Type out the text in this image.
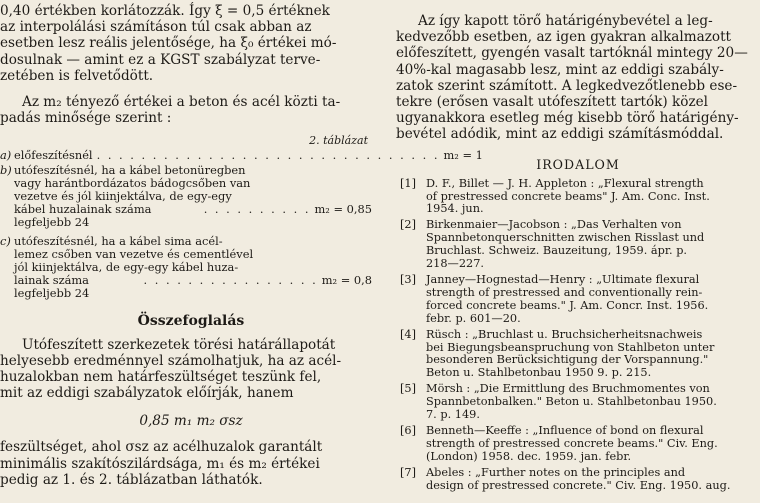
0,40 értékben korlátozzák. Így ξ = 0,5 értéknek
az interpolálási számításon túl csak abban az
esetben lesz reális jelentősége, ha ξ₀ értékei mó-
dosulnak — amint ez a KGST szabályzat terve-
zetében is felvetődött.
Az m₂ tényező értékei a beton és acél közti ta-
padás minősége szerint :
2. táblázat
a) előfeszítésnél . . . . . . . . . . . . . . . . . . . . . . . . . . . . . . . m₂ = 1
b) utófeszítésnél, ha a kábel betonüregben
vagy harántbordázatos bádogcsőben van
vezetve és jól kiinjektálva, de egy-egy
kábel huzalainak száma legfeljebb 24
. . . . . . . . . . m₂ = 0,85
c) utófeszítésnél, ha a kábel sima acél-
lemez csőben van vezetve és cementlével
jól kiinjektálva, de egy-egy kábel huza-
lainak száma legfeljebb 24
. . . . . . . . . . . . . . . . m₂ = 0,8
Összefoglalás
Utófeszített szerkezetek törési határállapotát
helyesebb eredménnyel számolhatjuk, ha az acél-
huzalokban nem határfeszültséget teszünk fel,
mit az eddigi szabályzatok előírják, hanem
0,85 m₁ m₂ σsz
feszültséget, ahol σsz az acélhuzalok garantált
minimális szakítószilárdsága, m₁ és m₂ értékei
pedig az 1. és 2. táblázatban láthatók.
Az így kapott törő határigénybevétel a leg-
kedvezőbb esetben, az igen gyakran alkalmazott
előfeszített, gyengén vasalt tartóknál mintegy 20—
40%-kal magasabb lesz, mint az eddigi szabály-
zatok szerint számított. A legkedvezőtlenebb ese-
tekre (erősen vasalt utófeszített tartók) közel
ugyanakkora esetleg még kisebb törő határigény-
bevétel adódik, mint az eddigi számításmóddal.
IRODALOM
[1] D. F., Billet — J. H. Appleton : „Flexural strength
of prestressed concrete beams" J. Am. Conc. Inst.
1954. jun.
[2] Birkenmaier—Jacobson : „Das Verhalten von
Spannbetonquerschnitten zwischen Risslast und
Bruchlast. Schweiz. Bauzeitung, 1959. ápr. p.
218—227.
[3] Janney—Hognestad—Henry : „Ultimate flexural
strength of prestressed and conventionally rein-
forced concrete beams." J. Am. Concr. Inst. 1956.
febr. p. 601—20.
[4] Rüsch : „Bruchlast u. Bruchsicherheitsnachweis
bei Biegungsbeanspruchung von Stahlbeton unter
besonderen Berücksichtigung der Vorspannung."
Beton u. Stahlbetonbau 1950 9. p. 215.
[5] Mörsh : „Die Ermittlung des Bruchmomentes von
Spannbetonbalken." Beton u. Stahlbetonbau 1950.
7. p. 149.
[6] Benneth—Keeffe : „Influence of bond on flexural
strength of prestressed concrete beams." Civ. Eng.
(London) 1958. dec. 1959. jan. febr.
[7] Abeles : „Further notes on the principles and
design of prestressed concrete." Civ. Eng. 1950. aug.
